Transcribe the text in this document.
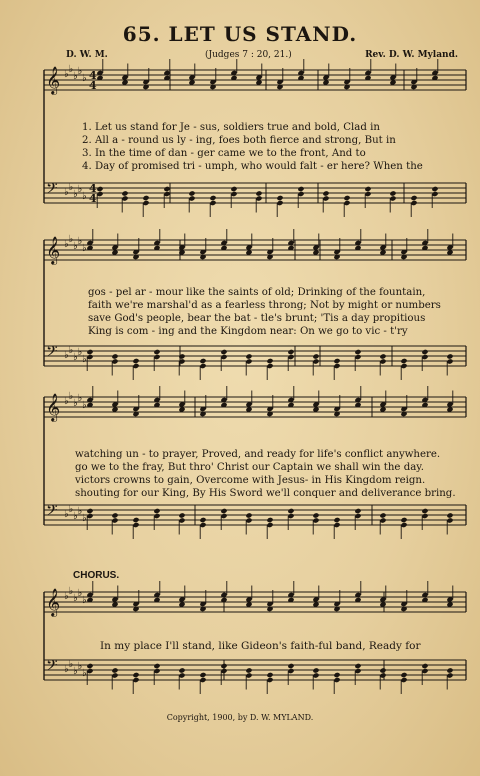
65. LET US STAND.
D. W. M.	(Judges 7 : 20, 21.)	Rev. D. W. Myland.
𝄞 ♭ ♭
♭ ♭
♭ 4
4
𝄢 ♭ ♭
♭ ♭
♭
4
4
𝄞 ♭ ♭
♭ ♭
♭
𝄢 ♭ ♭
♭ ♭
♭
𝄞 ♭ ♭
♭ ♭
♭
𝄢 ♭ ♭
♭ ♭
♭
𝄞 ♭ ♭
♭ ♭
♭
𝄢 ♭ ♭
♭ ♭
♭
1. Let us stand for Je - sus, soldiers true and bold, Clad in
2. All a - round us ly - ing, foes both fierce and strong, But in
3. In the time of dan - ger came we to the front, And to
4. Day of promised tri - umph, who would falt - er here? When the
gos - pel ar - mour like the saints of old; Drinking of the fountain,
faith we're marshal'd as a fearless throng; Not by might or numbers
save God's people, bear the bat - tle's brunt; 'Tis a day propitious
King is com - ing and the Kingdom near: On we go to vic - t'ry
watching un - to prayer, Proved, and ready for life's conflict anywhere.
go we to the fray, But thro' Christ our Captain we shall win the day.
victors crowns to gain, Overcome with Jesus- in His Kingdom reign.
shouting for our King, By His Sword we'll conquer and deliverance bring.
CHORUS.
In my place I'll stand, like Gideon's faith-ful band, Ready for
Copyright, 1900, by D. W. MYLAND.
